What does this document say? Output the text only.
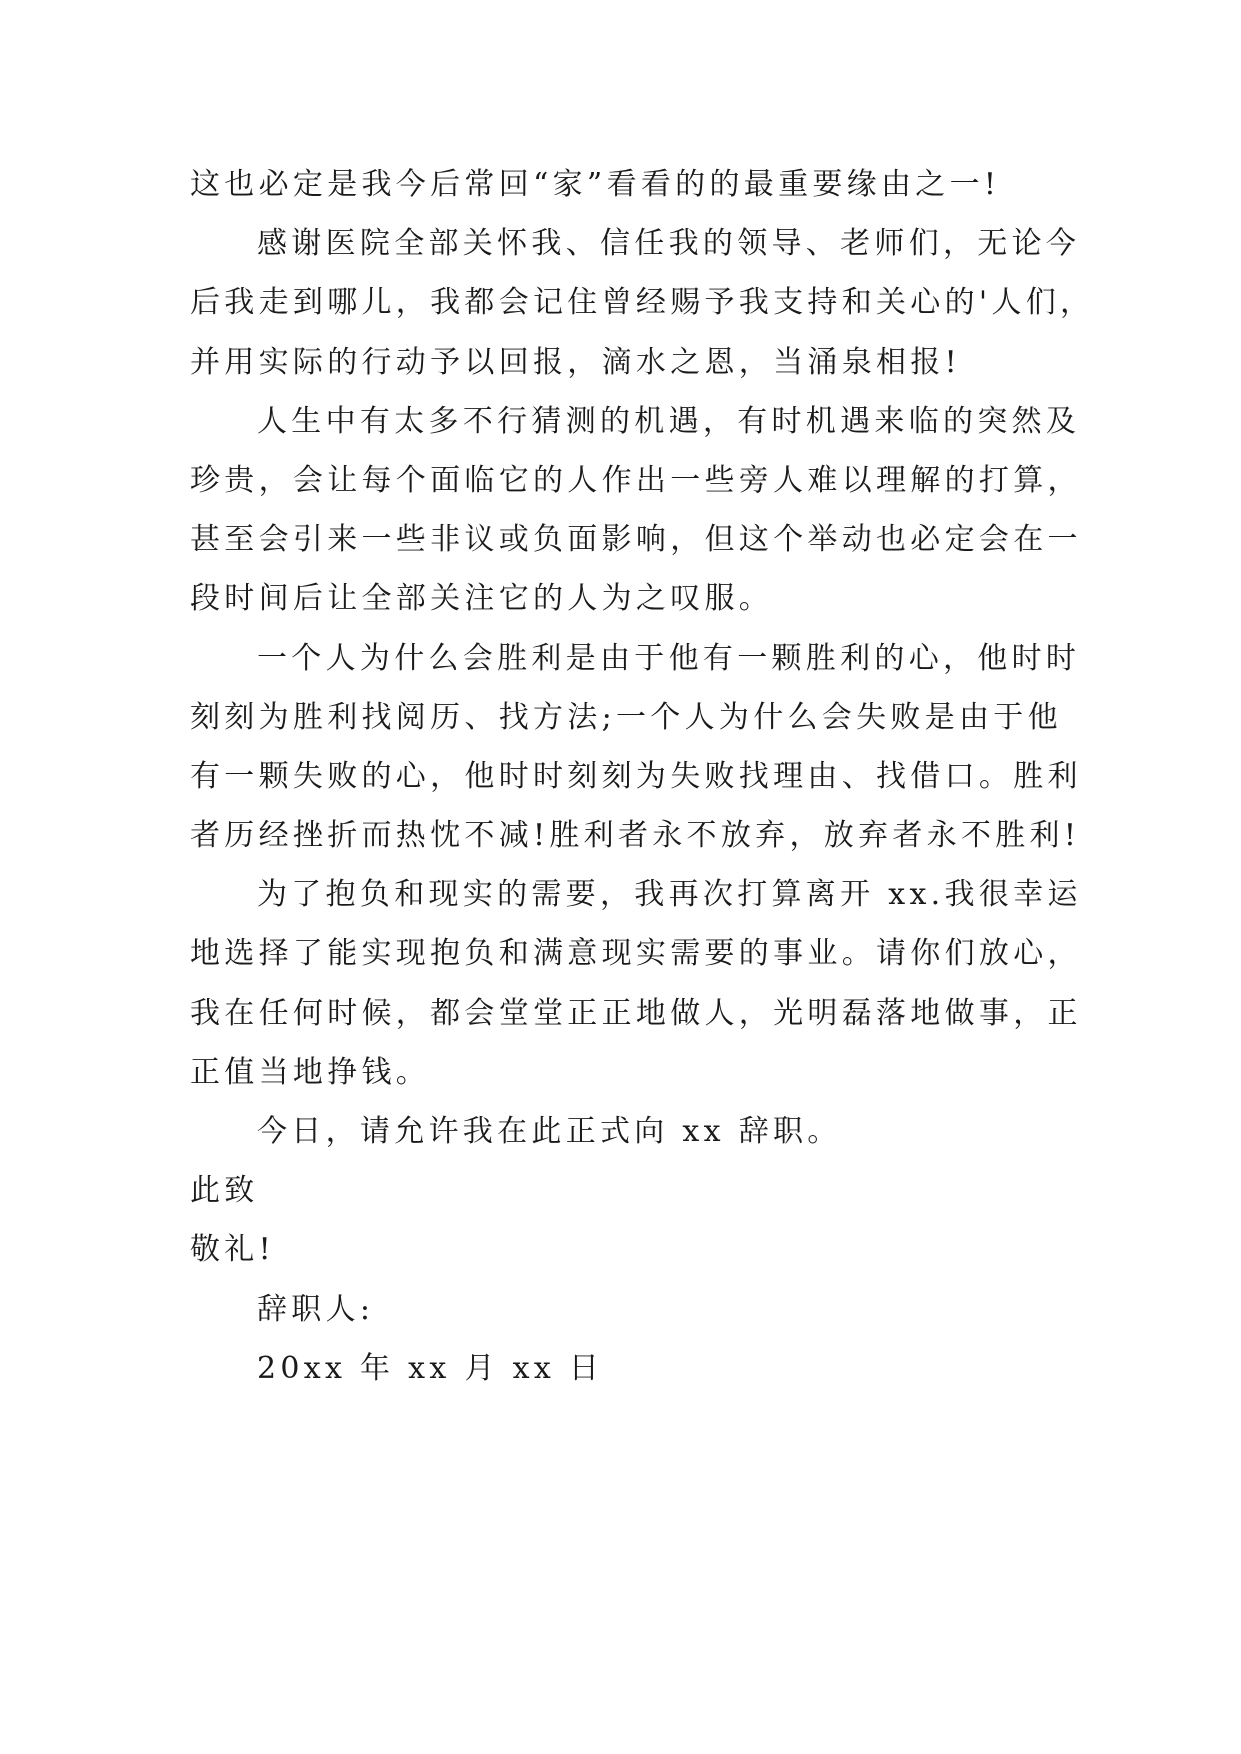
这也必定是我今后常回“家”看看的的最重要缘由之一!
感谢医院全部关怀我、信任我的领导、老师们，无论今
后我走到哪儿，我都会记住曾经赐予我支持和关心的'人们，
并用实际的行动予以回报，滴水之恩，当涌泉相报!
人生中有太多不行猜测的机遇，有时机遇来临的突然及
珍贵，会让每个面临它的人作出一些旁人难以理解的打算，
甚至会引来一些非议或负面影响，但这个举动也必定会在一
段时间后让全部关注它的人为之叹服。
一个人为什么会胜利是由于他有一颗胜利的心，他时时
刻刻为胜利找阅历、找方法;一个人为什么会失败是由于他
有一颗失败的心，他时时刻刻为失败找理由、找借口。胜利
者历经挫折而热忱不减!胜利者永不放弃，放弃者永不胜利!
为了抱负和现实的需要，我再次打算离开 xx.我很幸运
地选择了能实现抱负和满意现实需要的事业。请你们放心，
我在任何时候，都会堂堂正正地做人，光明磊落地做事，正
正值当地挣钱。
今日，请允许我在此正式向 xx 辞职。
此致
敬礼!
辞职人:
20xx 年 xx 月 xx 日
